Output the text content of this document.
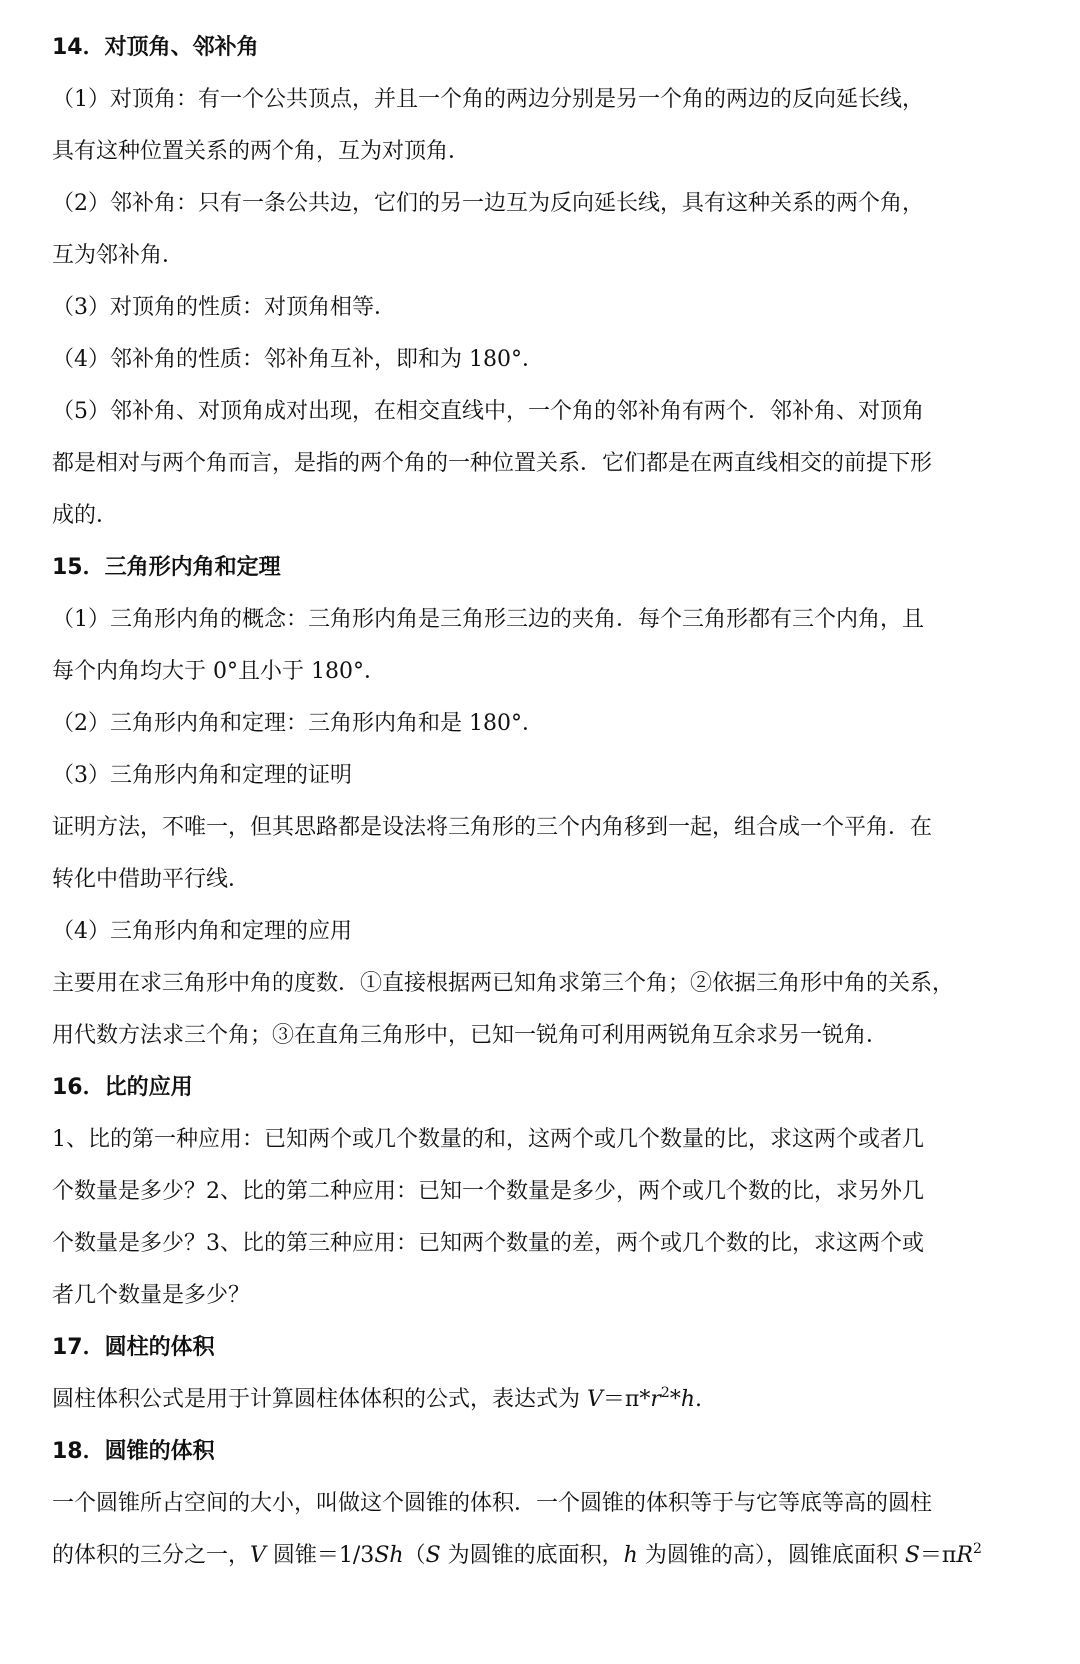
14．对顶角、邻补角
（1）对顶角：有一个公共顶点，并且一个角的两边分别是另一个角的两边的反向延长线，
具有这种位置关系的两个角，互为对顶角．
（2）邻补角：只有一条公共边，它们的另一边互为反向延长线，具有这种关系的两个角，
互为邻补角．
（3）对顶角的性质：对顶角相等．
（4）邻补角的性质：邻补角互补，即和为 180°．
（5）邻补角、对顶角成对出现，在相交直线中，一个角的邻补角有两个．邻补角、对顶角
都是相对与两个角而言，是指的两个角的一种位置关系．它们都是在两直线相交的前提下形
成的．
15．三角形内角和定理
（1）三角形内角的概念：三角形内角是三角形三边的夹角．每个三角形都有三个内角，且
每个内角均大于 0°且小于 180°．
（2）三角形内角和定理：三角形内角和是 180°．
（3）三角形内角和定理的证明
证明方法，不唯一，但其思路都是设法将三角形的三个内角移到一起，组合成一个平角．在
转化中借助平行线．
（4）三角形内角和定理的应用
主要用在求三角形中角的度数．①直接根据两已知角求第三个角；②依据三角形中角的关系，
用代数方法求三个角；③在直角三角形中，已知一锐角可利用两锐角互余求另一锐角．
16．比的应用
1、比的第一种应用：已知两个或几个数量的和，这两个或几个数量的比，求这两个或者几
个数量是多少？2、比的第二种应用：已知一个数量是多少，两个或几个数的比，求另外几
个数量是多少？3、比的第三种应用：已知两个数量的差，两个或几个数的比，求这两个或
者几个数量是多少？
17．圆柱的体积
圆柱体积公式是用于计算圆柱体体积的公式，表达式为 $V=\pi*r^2*h$.
18．圆锥的体积
一个圆锥所占空间的大小，叫做这个圆锥的体积．一个圆锥的体积等于与它等底等高的圆柱
的体积的三分之一，V 圆锥＝1/3Sh（S 为圆锥的底面积，h 为圆锥的高），圆锥底面积 $S=\pi R^2$
